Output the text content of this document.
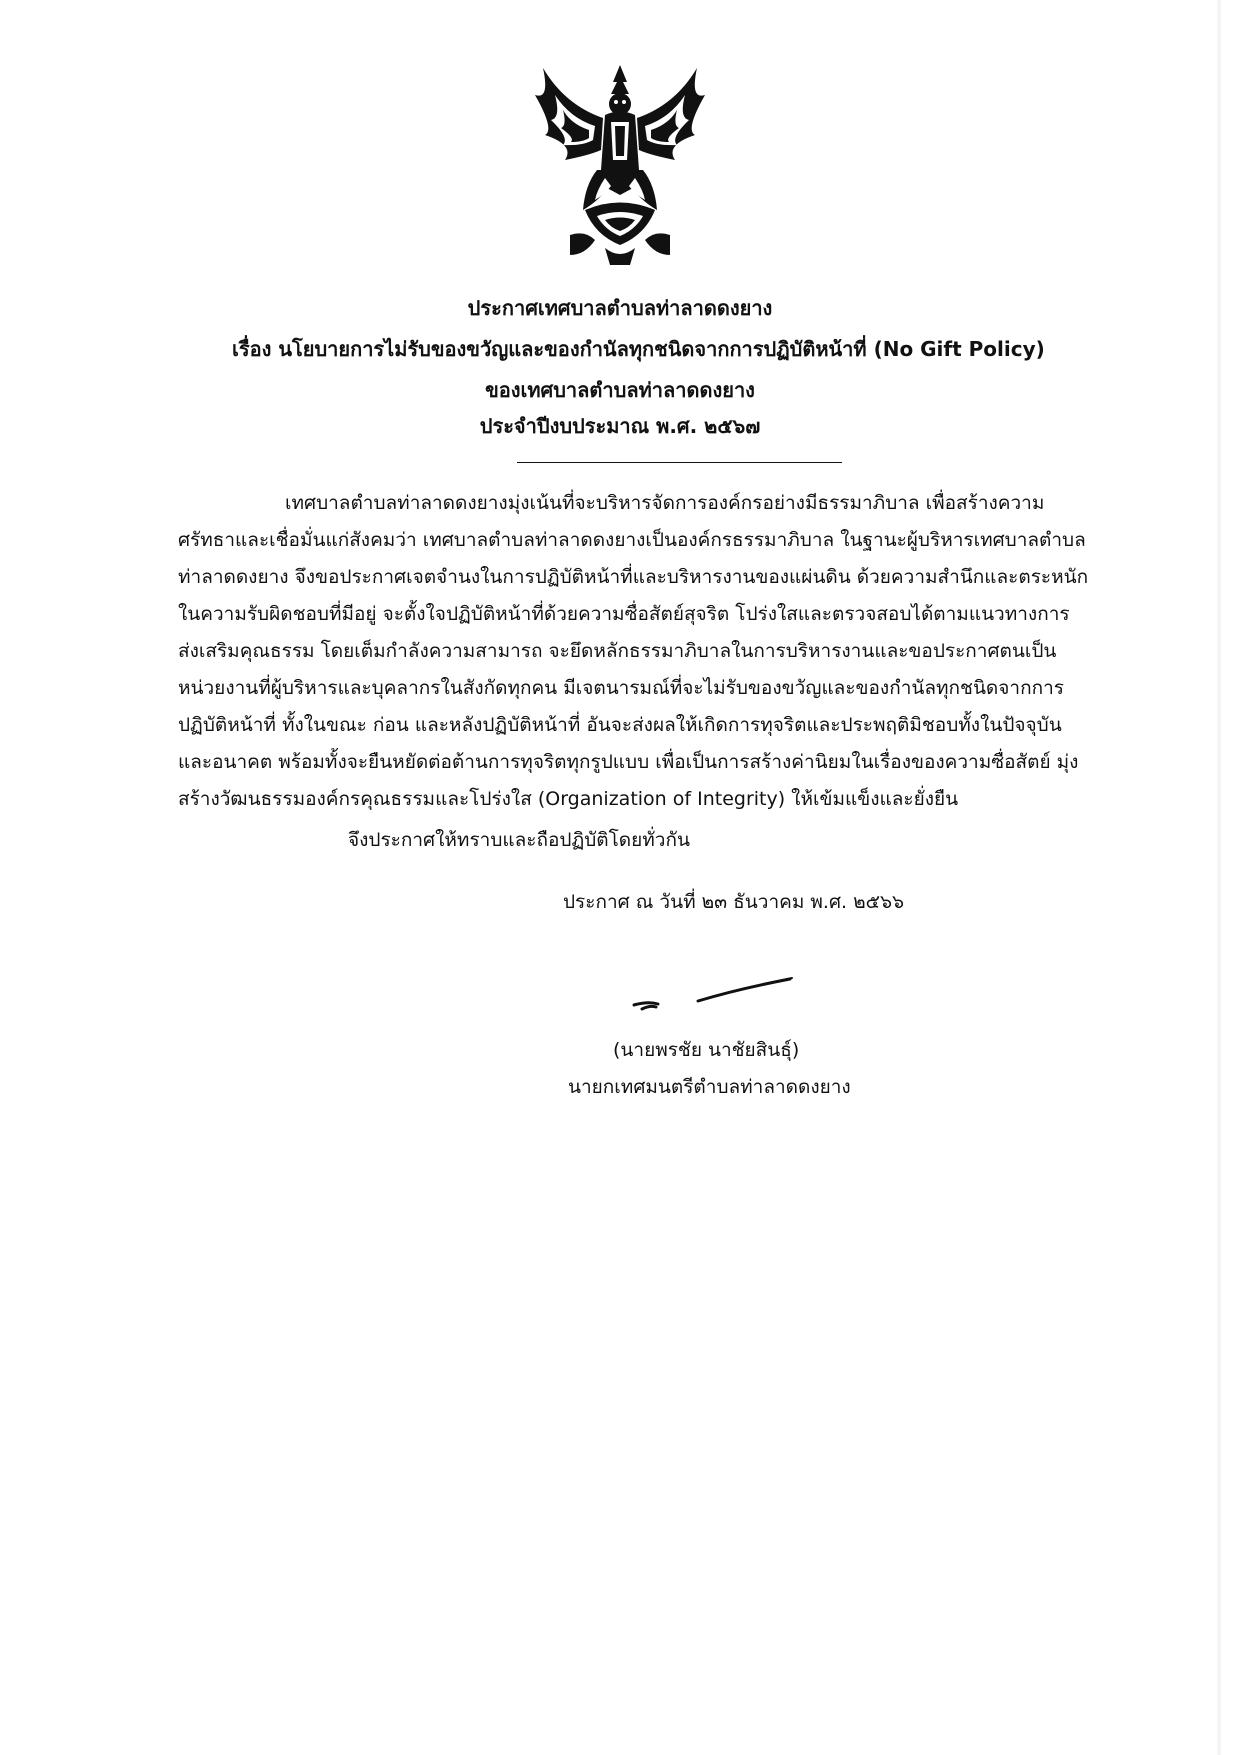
ประกาศเทศบาลตำบลท่าลาดดงยาง
เรื่อง นโยบายการไม่รับของขวัญและของกำนัลทุกชนิดจากการปฏิบัติหน้าที่ (No Gift Policy)
ของเทศบาลตำบลท่าลาดดงยาง
ประจำปีงบประมาณ พ.ศ. ๒๕๖๗
เทศบาลตำบลท่าลาดดงยางมุ่งเน้นที่จะบริหารจัดการองค์กรอย่างมีธรรมาภิบาล เพื่อสร้างความ
ศรัทธาและเชื่อมั่นแก่สังคมว่า เทศบาลตำบลท่าลาดดงยางเป็นองค์กรธรรมาภิบาล ในฐานะผู้บริหารเทศบาลตำบล
ท่าลาดดงยาง จึงขอประกาศเจตจำนงในการปฏิบัติหน้าที่และบริหารงานของแผ่นดิน ด้วยความสำนึกและตระหนัก
ในความรับผิดชอบที่มีอยู่ จะตั้งใจปฏิบัติหน้าที่ด้วยความซื่อสัตย์สุจริต โปร่งใสและตรวจสอบได้ตามแนวทางการ
ส่งเสริมคุณธรรม โดยเต็มกำลังความสามารถ จะยึดหลักธรรมาภิบาลในการบริหารงานและขอประกาศตนเป็น
หน่วยงานที่ผู้บริหารและบุคลากรในสังกัดทุกคน มีเจตนารมณ์ที่จะไม่รับของขวัญและของกำนัลทุกชนิดจากการ
ปฏิบัติหน้าที่ ทั้งในขณะ ก่อน และหลังปฏิบัติหน้าที่ อันจะส่งผลให้เกิดการทุจริตและประพฤติมิชอบทั้งในปัจจุบัน
และอนาคต พร้อมทั้งจะยืนหยัดต่อต้านการทุจริตทุกรูปแบบ เพื่อเป็นการสร้างค่านิยมในเรื่องของความซื่อสัตย์ มุ่ง
สร้างวัฒนธรรมองค์กรคุณธรรมและโปร่งใส (Organization of Integrity) ให้เข้มแข็งและยั่งยืน
จึงประกาศให้ทราบและถือปฏิบัติโดยทั่วกัน
ประกาศ ณ วันที่ ๒๓ ธันวาคม พ.ศ. ๒๕๖๖
(นายพรชัย นาชัยสินธุ์)
นายกเทศมนตรีตำบลท่าลาดดงยาง
